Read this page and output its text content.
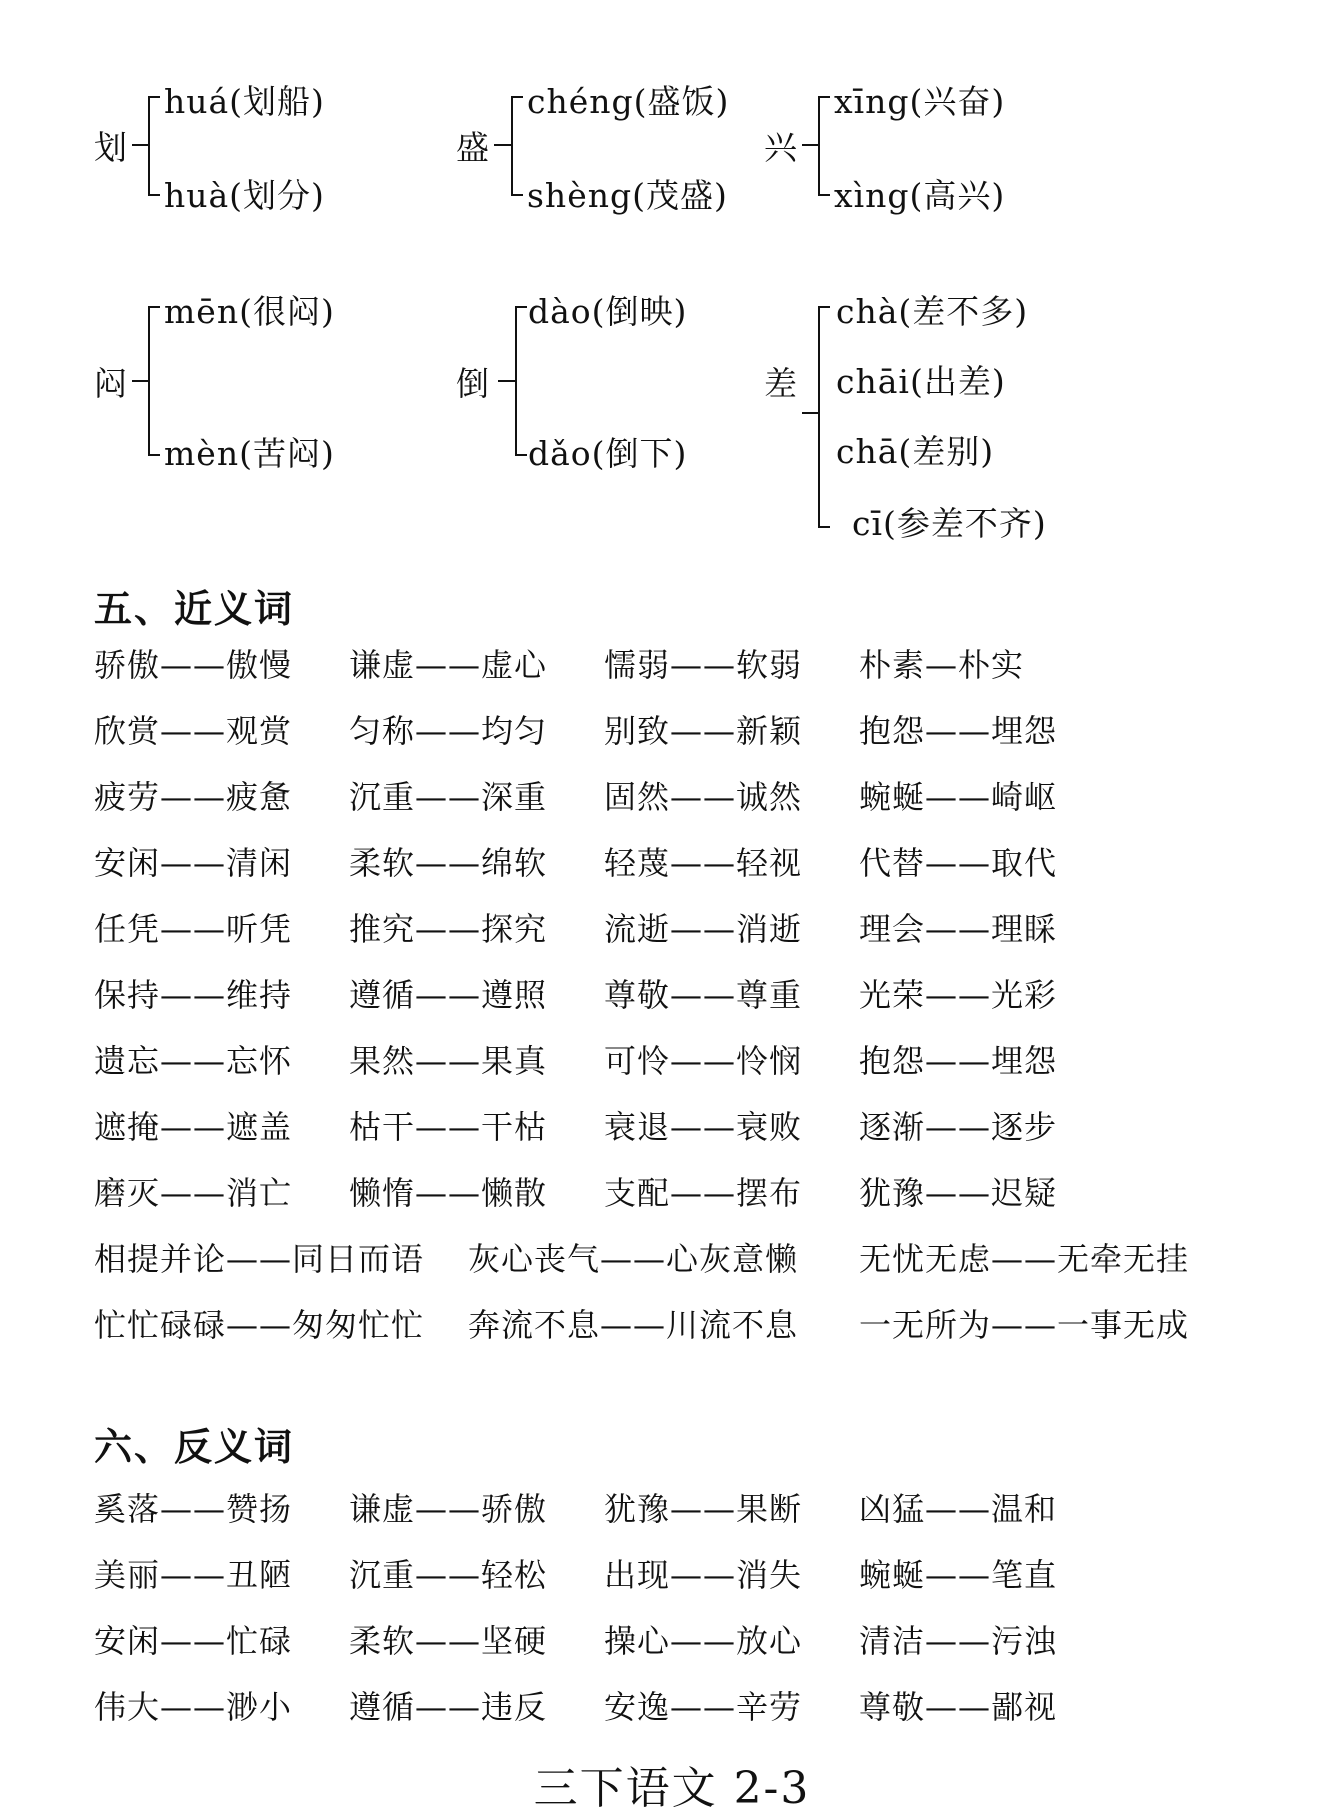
划
huá(划船)
huà(划分)
盛
chéng(盛饭)
shèng(茂盛)
兴
xīng(兴奋)
xìng(高兴)
闷
mēn(很闷)
mèn(苦闷)
倒
dào(倒映)
dǎo(倒下)
差
chà(差不多)
chāi(出差)
chā(差别)
cī(参差不齐)
五、近义词
骄傲——傲慢 谦虚——虚心 懦弱——软弱 朴素—朴实
欣赏——观赏 匀称——均匀 别致——新颖 抱怨——埋怨
疲劳——疲惫 沉重——深重 固然——诚然 蜿蜒——崎岖
安闲——清闲 柔软——绵软 轻蔑——轻视 代替——取代
任凭——听凭 推究——探究 流逝——消逝 理会——理睬
保持——维持 遵循——遵照 尊敬——尊重 光荣——光彩
遗忘——忘怀 果然——果真 可怜——怜悯 抱怨——埋怨
遮掩——遮盖 枯干——干枯 衰退——衰败 逐渐——逐步
磨灭——消亡 懒惰——懒散 支配——摆布 犹豫——迟疑
相提并论——同日而语 灰心丧气——心灰意懒 无忧无虑——无牵无挂
忙忙碌碌——匆匆忙忙 奔流不息——川流不息 一无所为——一事无成
六、反义词
奚落——赞扬 谦虚——骄傲 犹豫——果断 凶猛——温和
美丽——丑陋 沉重——轻松 出现——消失 蜿蜒——笔直
安闲——忙碌 柔软——坚硬 操心——放心 清洁——污浊
伟大——渺小 遵循——违反 安逸——辛劳 尊敬——鄙视
三下语文 2-3
